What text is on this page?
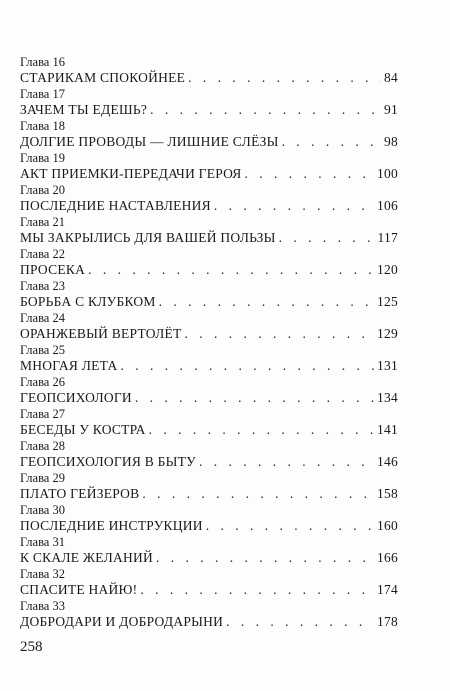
Глава 16
СТАРИКАМ СПОКОЙНЕЕ . . .	84
Глава 17
ЗАЧЕМ ТЫ ЕДЕШЬ? . . .	91
Глава 18
ДОЛГИЕ ПРОВОДЫ — ЛИШНИЕ СЛЁЗЫ . . .	98
Глава 19
АКТ ПРИЕМКИ-ПЕРЕДАЧИ ГЕРОЯ . . .	100
Глава 20
ПОСЛЕДНИЕ НАСТАВЛЕНИЯ . . .	106
Глава 21
МЫ ЗАКРЫЛИСЬ ДЛЯ ВАШЕЙ ПОЛЬЗЫ . . .	117
Глава 22
ПРОСЕКА . . .	120
Глава 23
БОРЬБА С КЛУБКОМ . . .	125
Глава 24
ОРАНЖЕВЫЙ ВЕРТОЛЁТ . . .	129
Глава 25
МНОГАЯ ЛЕТА . . .	131
Глава 26
ГЕОПСИХОЛОГИ . . .	134
Глава 27
БЕСЕДЫ У КОСТРА . . .	141
Глава 28
ГЕОПСИХОЛОГИЯ В БЫТУ . . .	146
Глава 29
ПЛАТО ГЕЙЗЕРОВ . . .	158
Глава 30
ПОСЛЕДНИЕ ИНСТРУКЦИИ . . .	160
Глава 31
К СКАЛЕ ЖЕЛАНИЙ . . .	166
Глава 32
СПАСИТЕ НАЙЮ! . . .	174
Глава 33
ДОБРОДАРИ И ДОБРОДАРЫНИ . . .	178
258
